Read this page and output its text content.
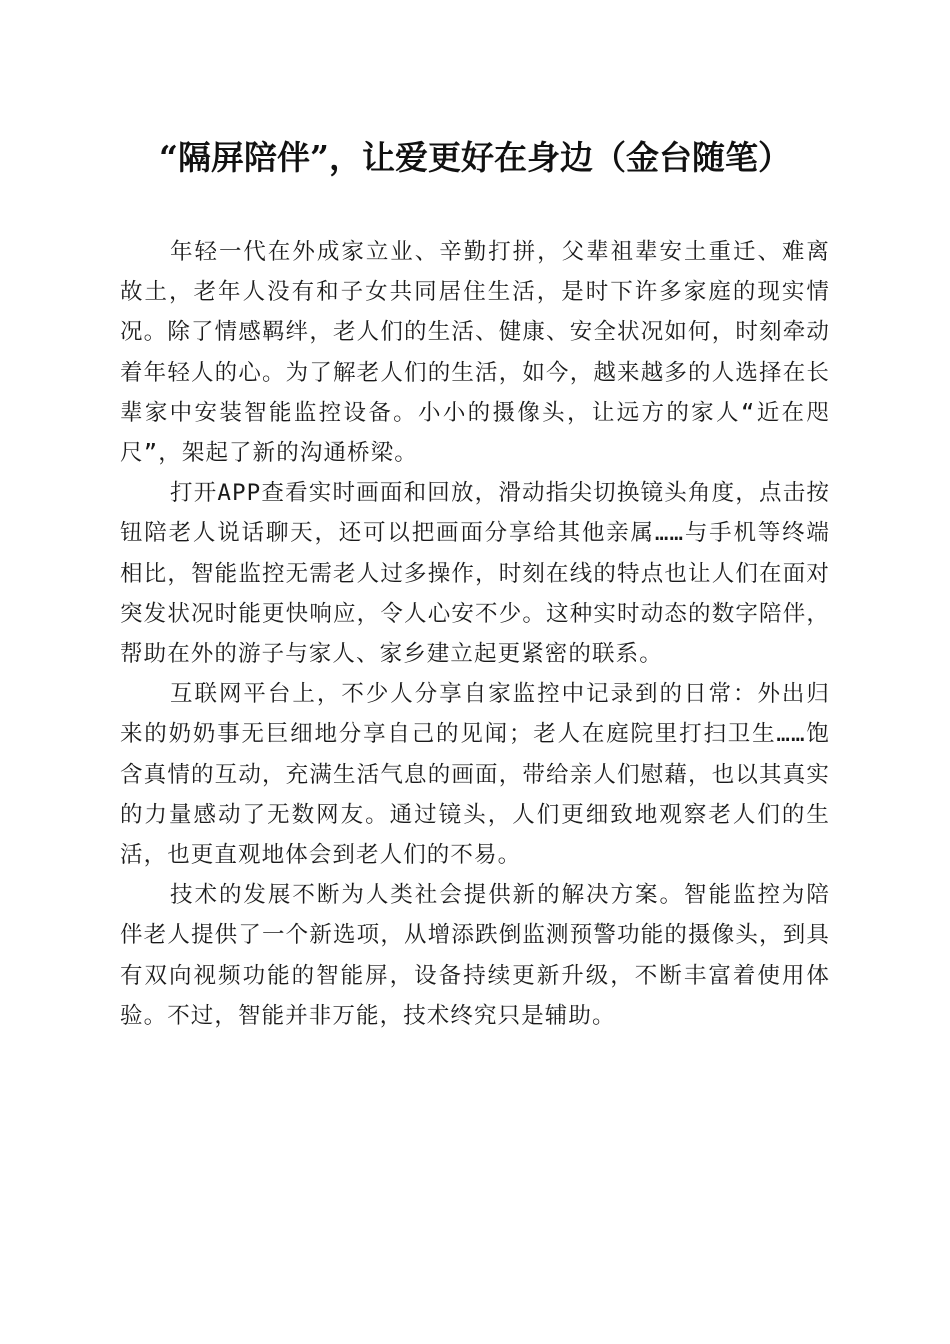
“隔屏陪伴”，让爱更好在身边（金台随笔）

年轻一代在外成家立业、辛勤打拼，父辈祖辈安土重迁、难离故土，老年人没有和子女共同居住生活，是时下许多家庭的现实情况。除了情感羁绊，老人们的生活、健康、安全状况如何，时刻牵动着年轻人的心。为了解老人们的生活，如今，越来越多的人选择在长辈家中安装智能监控设备。小小的摄像头，让远方的家人“近在咫尺”，架起了新的沟通桥梁。

打开APP查看实时画面和回放，滑动指尖切换镜头角度，点击按钮陪老人说话聊天，还可以把画面分享给其他亲属……与手机等终端相比，智能监控无需老人过多操作，时刻在线的特点也让人们在面对突发状况时能更快响应，令人心安不少。这种实时动态的数字陪伴，帮助在外的游子与家人、家乡建立起更紧密的联系。

互联网平台上，不少人分享自家监控中记录到的日常：外出归来的奶奶事无巨细地分享自己的见闻；老人在庭院里打扫卫生……饱含真情的互动，充满生活气息的画面，带给亲人们慰藉，也以其真实的力量感动了无数网友。通过镜头，人们更细致地观察老人们的生活，也更直观地体会到老人们的不易。

技术的发展不断为人类社会提供新的解决方案。智能监控为陪伴老人提供了一个新选项，从增添跌倒监测预警功能的摄像头，到具有双向视频功能的智能屏，设备持续更新升级，不断丰富着使用体验。不过，智能并非万能，技术终究只是辅助。
